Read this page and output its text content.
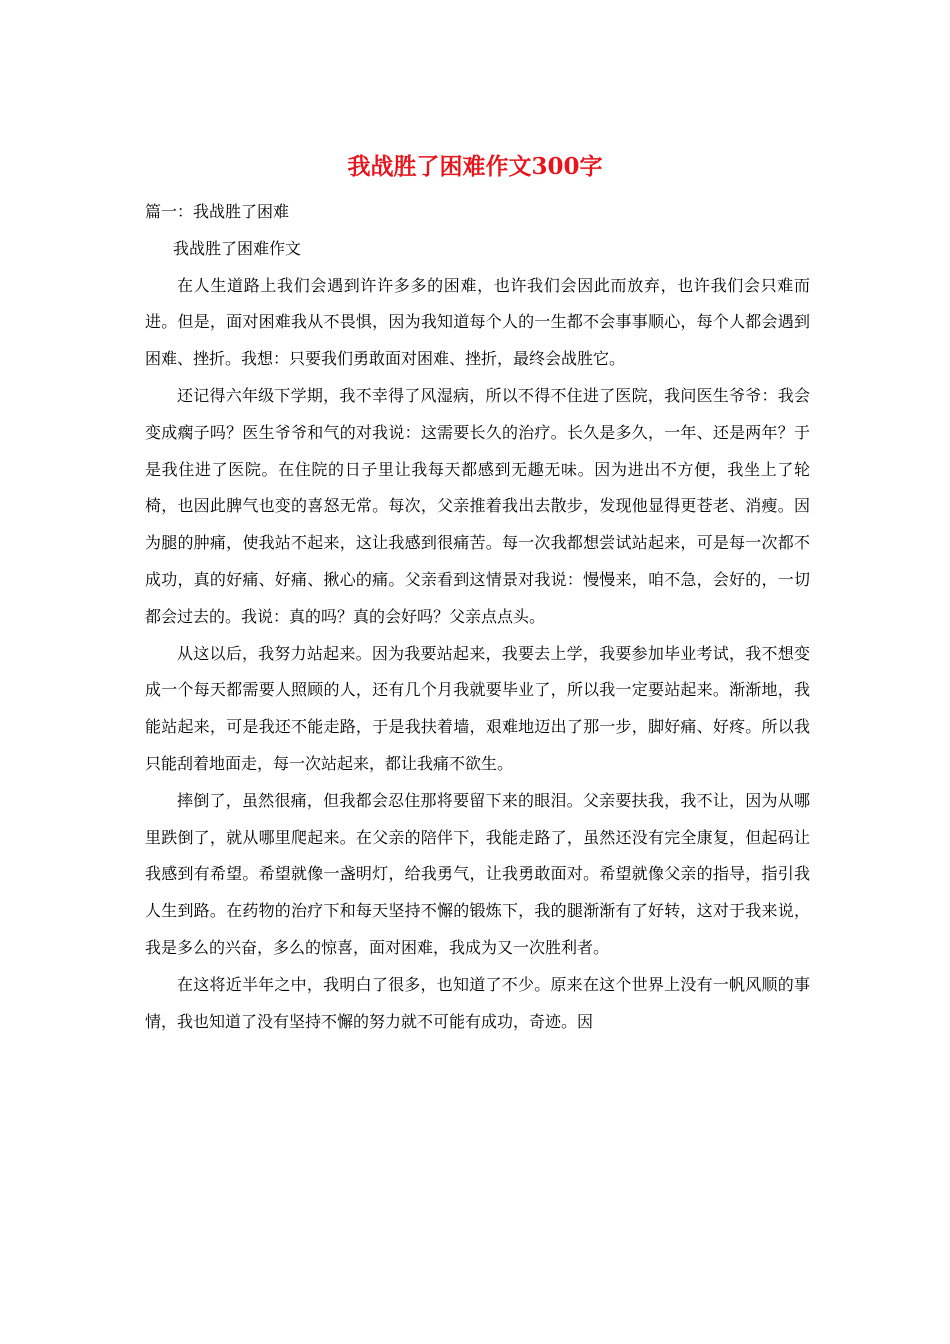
我战胜了困难作文300字

篇一：我战胜了困难

我战胜了困难作文

在人生道路上我们会遇到许许多多的困难，也许我们会因此而放弃，也许我们会只难而进。但是，面对困难我从不畏惧，因为我知道每个人的一生都不会事事顺心，每个人都会遇到困难、挫折。我想：只要我们勇敢面对困难、挫折，最终会战胜它。

还记得六年级下学期，我不幸得了风湿病，所以不得不住进了医院，我问医生爷爷：我会变成瘸子吗？医生爷爷和气的对我说：这需要长久的治疗。长久是多久，一年、还是两年？于是我住进了医院。在住院的日子里让我每天都感到无趣无味。因为进出不方便，我坐上了轮椅，也因此脾气也变的喜怒无常。每次，父亲推着我出去散步，发现他显得更苍老、消瘦。因为腿的肿痛，使我站不起来，这让我感到很痛苦。每一次我都想尝试站起来，可是每一次都不成功，真的好痛、好痛、揪心的痛。父亲看到这情景对我说：慢慢来，咱不急，会好的，一切都会过去的。我说：真的吗？真的会好吗？父亲点点头。

从这以后，我努力站起来。因为我要站起来，我要去上学，我要参加毕业考试，我不想变成一个每天都需要人照顾的人，还有几个月我就要毕业了，所以我一定要站起来。渐渐地，我能站起来，可是我还不能走路，于是我扶着墙，艰难地迈出了那一步，脚好痛、好疼。所以我只能刮着地面走，每一次站起来，都让我痛不欲生。

摔倒了，虽然很痛，但我都会忍住那将要留下来的眼泪。父亲要扶我，我不让，因为从哪里跌倒了，就从哪里爬起来。在父亲的陪伴下，我能走路了，虽然还没有完全康复，但起码让我感到有希望。希望就像一盏明灯，给我勇气，让我勇敢面对。希望就像父亲的指导，指引我人生到路。在药物的治疗下和每天坚持不懈的锻炼下，我的腿渐渐有了好转，这对于我来说，我是多么的兴奋，多么的惊喜，面对困难，我成为又一次胜利者。

在这将近半年之中，我明白了很多，也知道了不少。原来在这个世界上没有一帆风顺的事情，我也知道了没有坚持不懈的努力就不可能有成功，奇迹。因
